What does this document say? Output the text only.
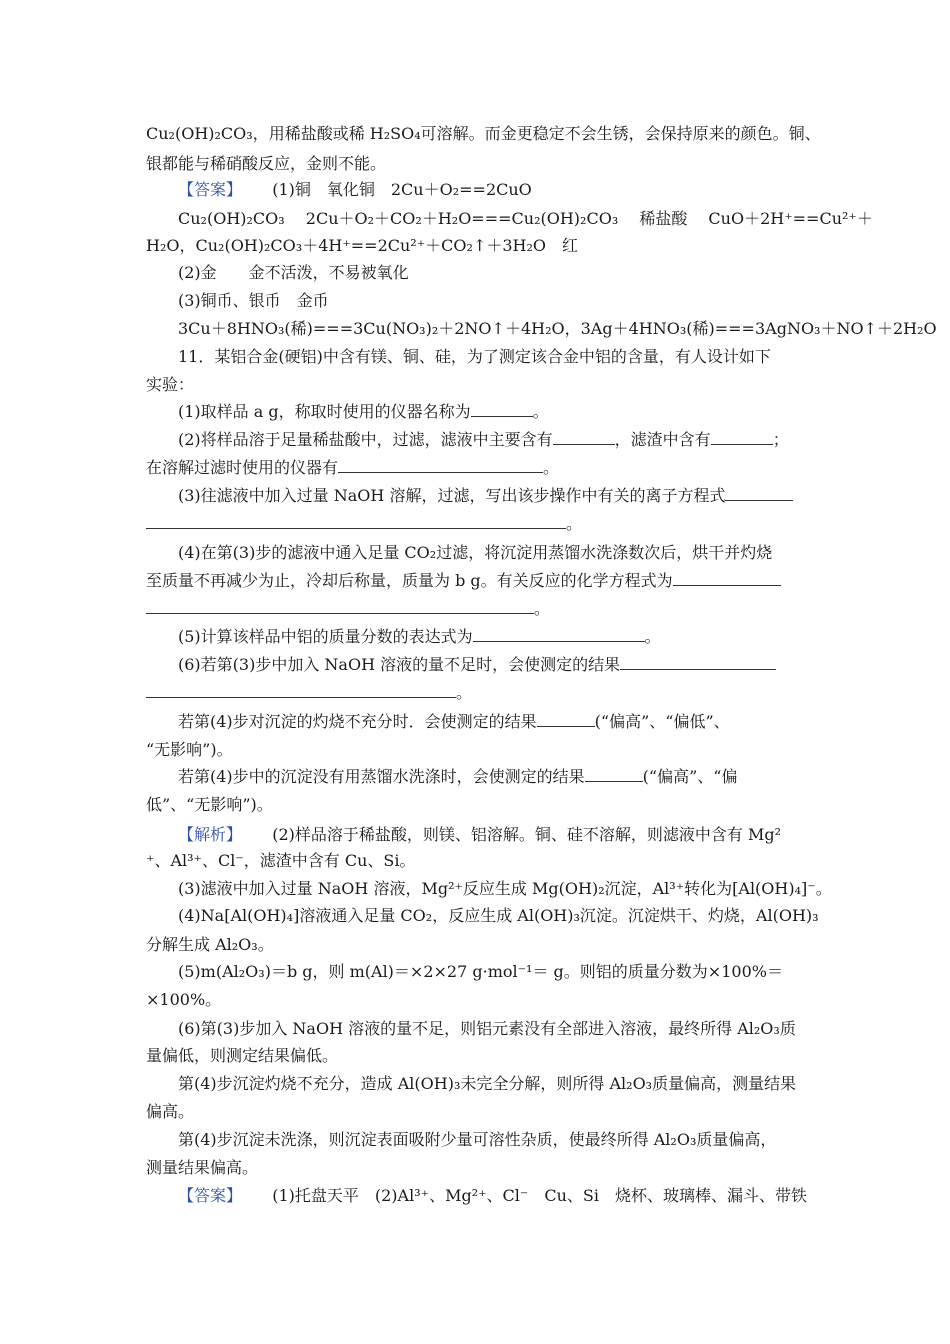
Cu₂(OH)₂CO₃，用稀盐酸或稀 H₂SO₄可溶解。而金更稳定不会生锈，会保持原来的颜色。铜、
银都能与稀硝酸反应，金则不能。
【答案】 (1)铜　氧化铜　2Cu＋O₂==2CuO
Cu₂(OH)₂CO₃　 2Cu＋O₂＋CO₂＋H₂O===Cu₂(OH)₂CO₃　 稀盐酸　 CuO＋2H⁺==Cu²⁺＋
H₂O，Cu₂(OH)₂CO₃＋4H⁺==2Cu²⁺＋CO₂↑＋3H₂O　红
(2)金　　金不活泼，不易被氧化
(3)铜币、银币　金币
3Cu＋8HNO₃(稀)===3Cu(NO₃)₂＋2NO↑＋4H₂O，3Ag＋4HNO₃(稀)===3AgNO₃＋NO↑＋2H₂O
11．某铝合金(硬铝)中含有镁、铜、硅，为了测定该合金中铝的含量，有人设计如下
实验：
(1)取样品 a g，称取时使用的仪器名称为	。
(2)将样品溶于足量稀盐酸中，过滤，滤液中主要含有	，滤渣中含有	；
在溶解过滤时使用的仪器有	。
(3)往滤液中加入过量 NaOH 溶解，过滤，写出该步操作中有关的离子方程式
。
(4)在第(3)步的滤液中通入足量 CO₂过滤，将沉淀用蒸馏水洗涤数次后，烘干并灼烧
至质量不再减少为止，冷却后称量，质量为 b g。有关反应的化学方程式为
。
(5)计算该样品中铝的质量分数的表达式为	。
(6)若第(3)步中加入 NaOH 溶液的量不足时，会使测定的结果
。
若第(4)步对沉淀的灼烧不充分时．会使测定的结果	(“偏高”、“偏低”、
“无影响”)。
若第(4)步中的沉淀没有用蒸馏水洗涤时，会使测定的结果	(“偏高”、“偏
低”、“无影响”)。
【解析】 (2)样品溶于稀盐酸，则镁、铝溶解。铜、硅不溶解，则滤液中含有 Mg²
⁺、Al³⁺、Cl⁻，滤渣中含有 Cu、Si。
(3)滤液中加入过量 NaOH 溶液，Mg²⁺反应生成 Mg(OH)₂沉淀，Al³⁺转化为[Al(OH)₄]⁻。
(4)Na[Al(OH)₄]溶液通入足量 CO₂，反应生成 Al(OH)₃沉淀。沉淀烘干、灼烧，Al(OH)₃
分解生成 Al₂O₃。
(5)m(Al₂O₃)＝b g，则 m(Al)＝×2×27 g·mol⁻¹＝ g。则铝的质量分数为×100%＝
×100%。
(6)第(3)步加入 NaOH 溶液的量不足，则铝元素没有全部进入溶液，最终所得 Al₂O₃质
量偏低，则测定结果偏低。
第(4)步沉淀灼烧不充分，造成 Al(OH)₃未完全分解，则所得 Al₂O₃质量偏高，测量结果
偏高。
第(4)步沉淀未洗涤，则沉淀表面吸附少量可溶性杂质，使最终所得 Al₂O₃质量偏高，
测量结果偏高。
【答案】 (1)托盘天平　(2)Al³⁺、Mg²⁺、Cl⁻　Cu、Si　烧杯、玻璃棒、漏斗、带铁
